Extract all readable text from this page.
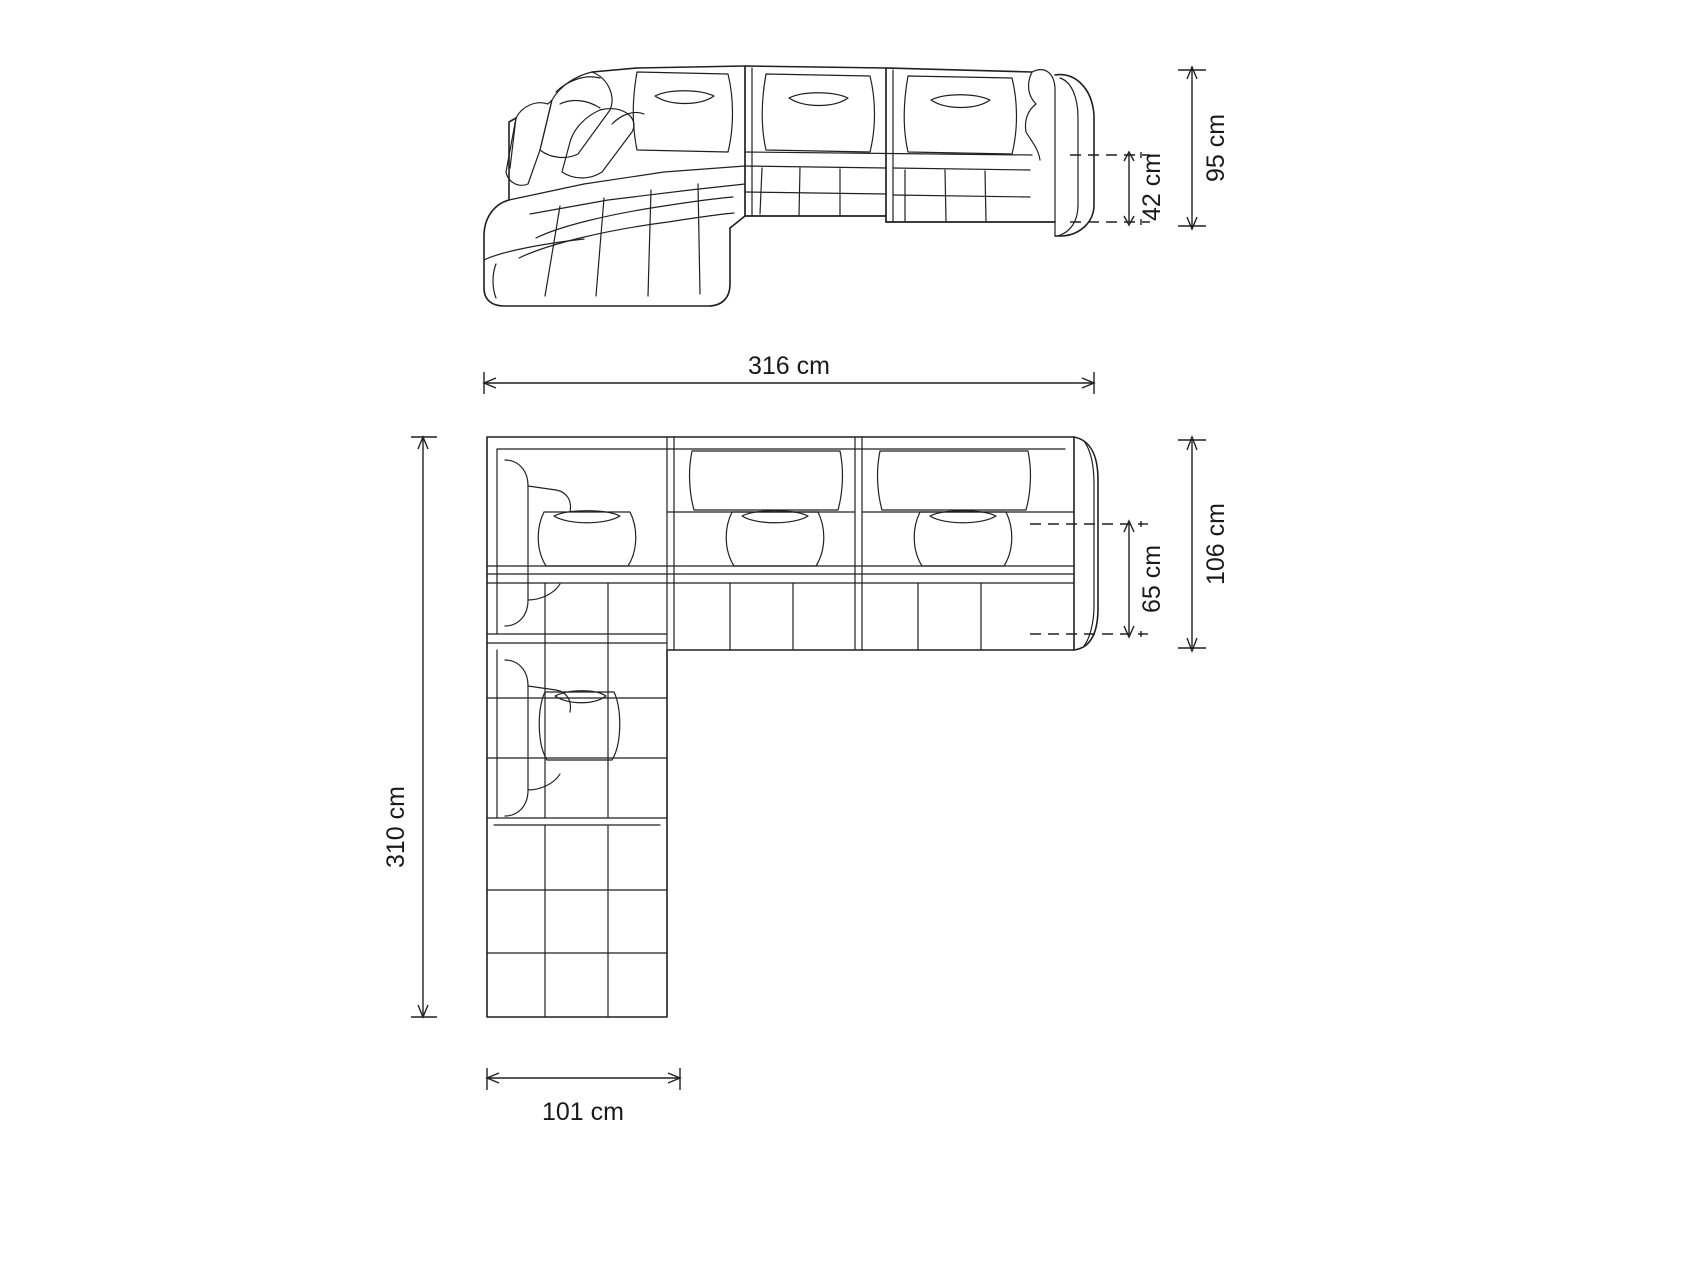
42 cm
95 cm
316 cm
65 cm 106 cm
310 cm
101 cm
